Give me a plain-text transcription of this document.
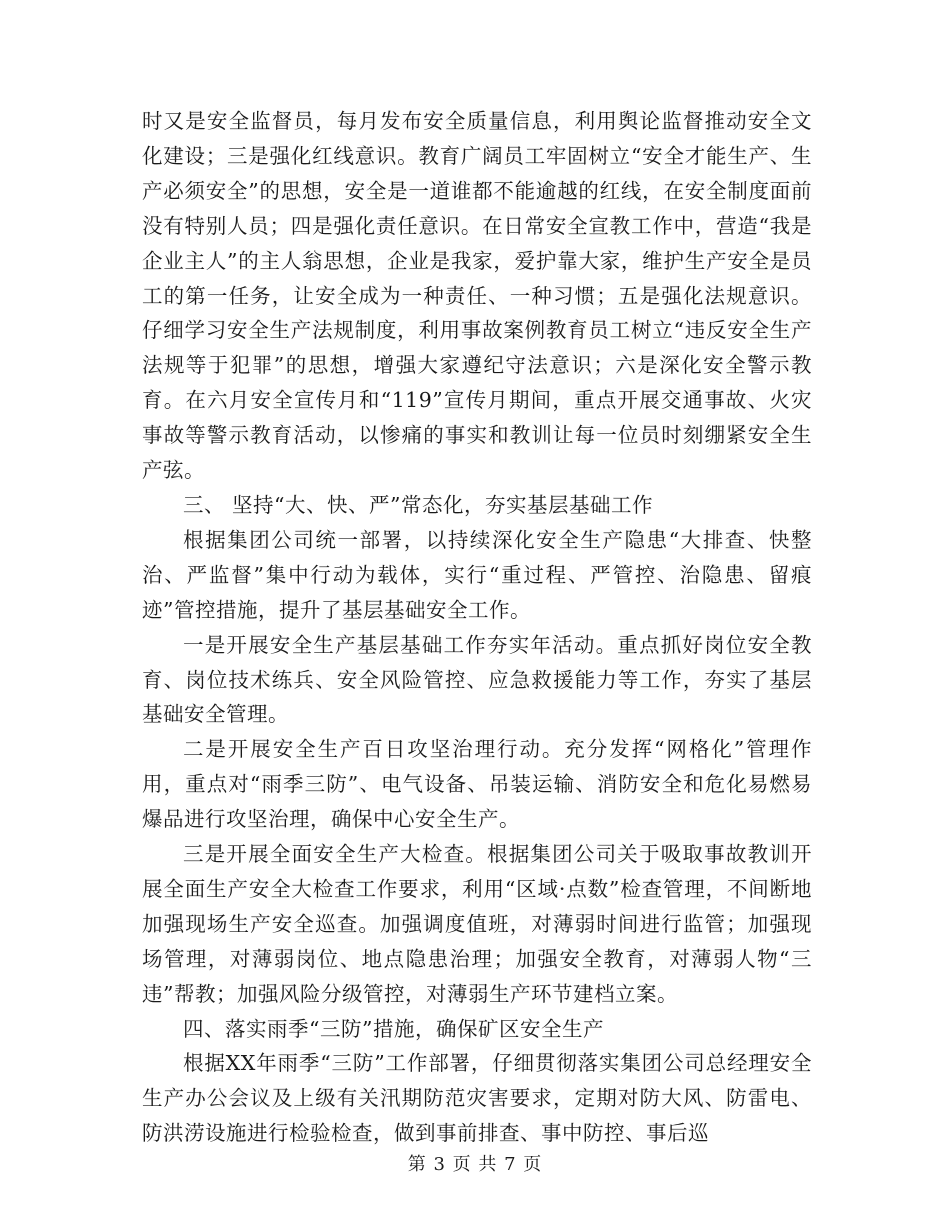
时又是安全监督员，每月发布安全质量信息，利用舆论监督推动安全文化建设；三是强化红线意识。教育广阔员工牢固树立“安全才能生产、生产必须安全”的思想，安全是一道谁都不能逾越的红线，在安全制度面前没有特别人员；四是强化责任意识。在日常安全宣教工作中，营造“我是企业主人”的主人翁思想，企业是我家，爱护靠大家，维护生产安全是员工的第一任务，让安全成为一种责任、一种习惯；五是强化法规意识。仔细学习安全生产法规制度，利用事故案例教育员工树立“违反安全生产法规等于犯罪”的思想，增强大家遵纪守法意识；六是深化安全警示教育。在六月安全宣传月和“119”宣传月期间，重点开展交通事故、火灾事故等警示教育活动，以惨痛的事实和教训让每一位员时刻绷紧安全生产弦。

三、 坚持“大、快、严”常态化，夯实基层基础工作

根据集团公司统一部署，以持续深化安全生产隐患“大排查、快整治、严监督”集中行动为载体，实行“重过程、严管控、治隐患、留痕迹”管控措施，提升了基层基础安全工作。

一是开展安全生产基层基础工作夯实年活动。重点抓好岗位安全教育、岗位技术练兵、安全风险管控、应急救援能力等工作，夯实了基层基础安全管理。

二是开展安全生产百日攻坚治理行动。充分发挥“网格化”管理作用，重点对“雨季三防”、电气设备、吊装运输、消防安全和危化易燃易爆品进行攻坚治理，确保中心安全生产。

三是开展全面安全生产大检查。根据集团公司关于吸取事故教训开展全面生产安全大检查工作要求，利用“区域·点数”检查管理，不间断地加强现场生产安全巡查。加强调度值班，对薄弱时间进行监管；加强现场管理，对薄弱岗位、地点隐患治理；加强安全教育，对薄弱人物“三违”帮教；加强风险分级管控，对薄弱生产环节建档立案。

四、落实雨季“三防”措施，确保矿区安全生产

根据XX年雨季“三防”工作部署，仔细贯彻落实集团公司总经理安全生产办公会议及上级有关汛期防范灾害要求，定期对防大风、防雷电、防洪涝设施进行检验检查，做到事前排查、事中防控、事后巡

第 3 页 共 7 页
